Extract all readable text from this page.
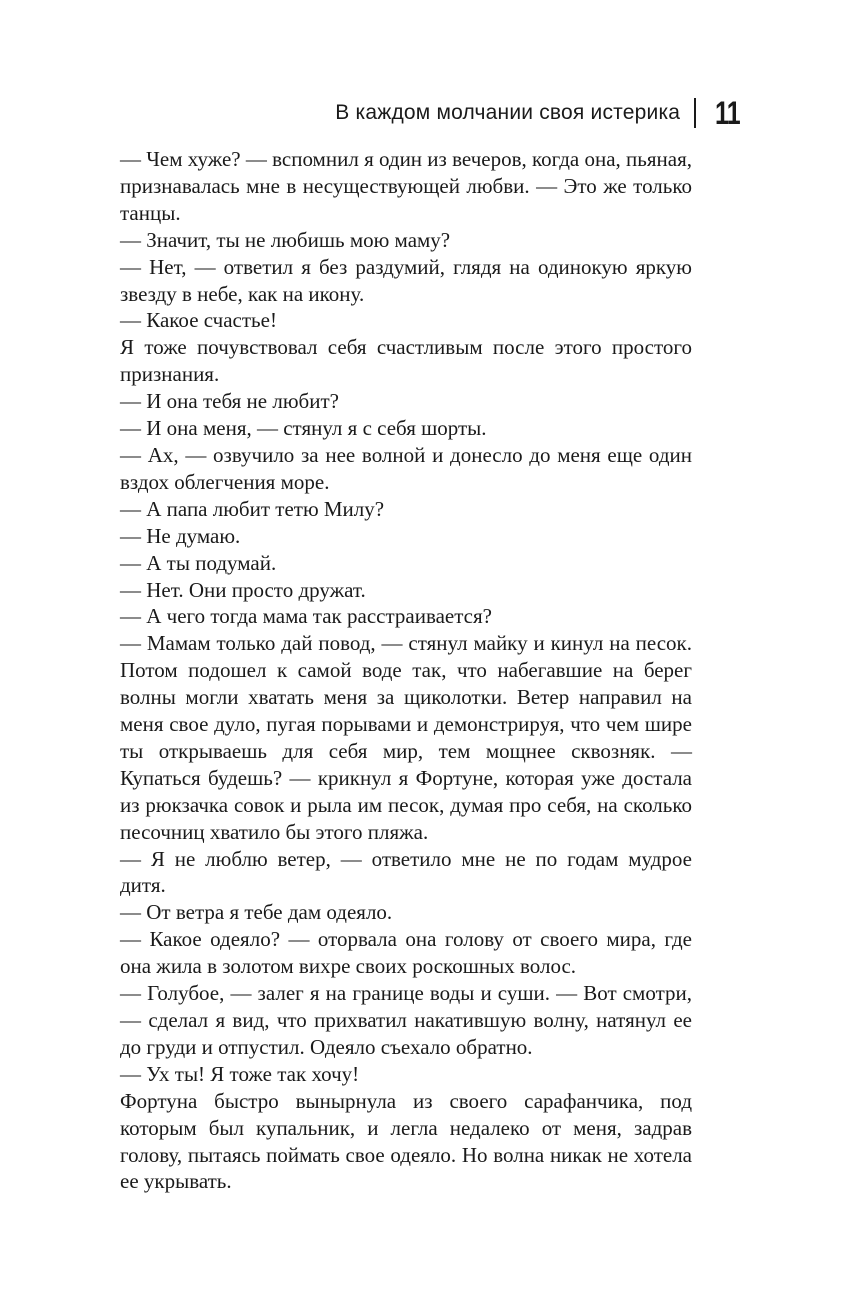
В каждом молчании своя истерика 11

— Чем хуже? — вспомнил я один из вечеров, когда она, пьяная, признавалась мне в несуществующей любви. — Это же только танцы.

— Значит, ты не любишь мою маму?

— Нет, — ответил я без раздумий, глядя на одинокую яркую звезду в небе, как на икону.

— Какое счастье!

Я тоже почувствовал себя счастливым после этого простого признания.

— И она тебя не любит?

— И она меня, — стянул я с себя шорты.

— Ах, — озвучило за нее волной и донесло до меня еще один вздох облегчения море.

— А папа любит тетю Милу?

— Не думаю.

— А ты подумай.

— Нет. Они просто дружат.

— А чего тогда мама так расстраивается?

— Мамам только дай повод, — стянул майку и кинул на песок. Потом подошел к самой воде так, что набегавшие на берег волны могли хватать меня за щиколотки. Ветер направил на меня свое дуло, пугая порывами и демонстрируя, что чем шире ты открываешь для себя мир, тем мощнее сквозняк. — Купаться будешь? — крикнул я Фортуне, которая уже достала из рюкзачка совок и рыла им песок, думая про себя, на сколько песочниц хватило бы этого пляжа.

— Я не люблю ветер, — ответило мне не по годам мудрое дитя.

— От ветра я тебе дам одеяло.

— Какое одеяло? — оторвала она голову от своего мира, где она жила в золотом вихре своих роскошных волос.

— Голубое, — залег я на границе воды и суши. — Вот смотри, — сделал я вид, что прихватил накатившую волну, натянул ее до груди и отпустил. Одеяло съехало обратно.

— Ух ты! Я тоже так хочу!

Фортуна быстро вынырнула из своего сарафанчика, под которым был купальник, и легла недалеко от меня, задрав голову, пытаясь поймать свое одеяло. Но волна никак не хотела ее укрывать.
